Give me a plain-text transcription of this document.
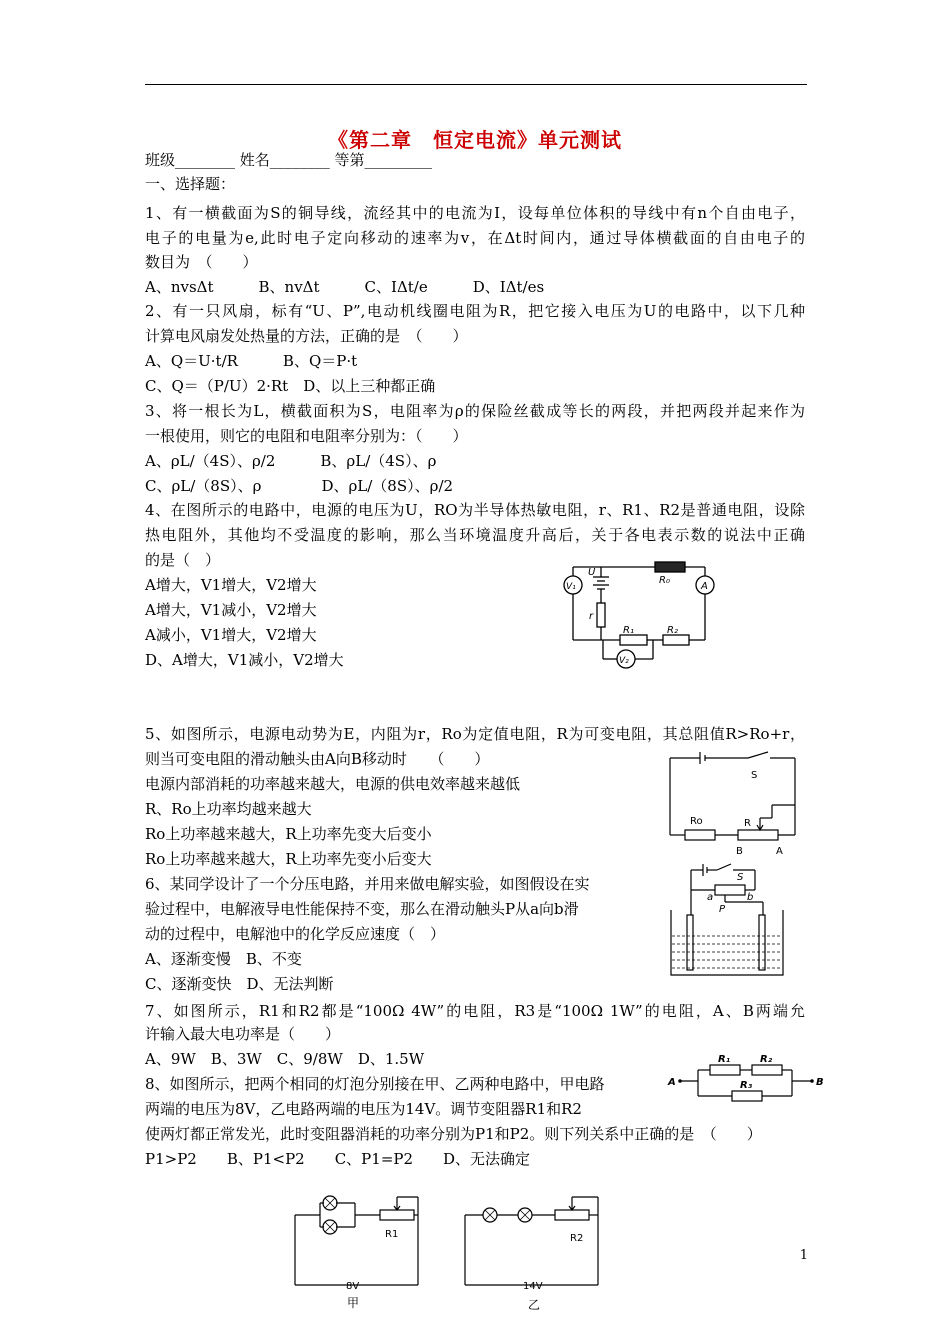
《第二章　恒定电流》单元测试
班级________ 姓名________ 等第_________
一、选择题：
1、有一横截面为S的铜导线，流经其中的电流为I，设每单位体积的导线中有n个自由电子，
电子的电量为e,此时电子定向移动的速率为v，在Δt时间内，通过导体横截面的自由电子的
数目为　（　　）
A、nvsΔt　　　B、nvΔt　　　C、IΔt/e　　　D、IΔt/es
2、有一只风扇，标有“U、P”,电动机线圈电阻为R，把它接入电压为U的电路中，以下几种
计算电风扇发处热量的方法，正确的是　（　　）
A、Q＝U·t/R　　　B、Q＝P·t
C、Q＝（P/U）2·Rt　D、以上三种都正确
3、将一根长为L，横截面积为S，电阻率为ρ的保险丝截成等长的两段，并把两段并起来作为
一根使用，则它的电阻和电阻率分别为：（　　）
A、ρL/（4S）、ρ/2　　　B、ρL/（4S）、ρ
C、ρL/（8S）、ρ　　　　D、ρL/（8S）、ρ/2
4、在图所示的电路中，电源的电压为U，RO为半导体热敏电阻，r、R1、R2是普通电阻，设除
热电阻外，其他均不受温度的影响，那么当环境温度升高后，关于各电表示数的说法中正确
的是（　）
A增大，V1增大，V2增大
A增大，V1减小，V2增大
A减小，V1增大，V2增大
D、A增大，V1减小，V2增大
U
R₀
A
V₁
r
R₁	R₂
V₂
5、如图所示，电源电动势为E，内阻为r，Ro为定值电阻，R为可变电阻，其总阻值R>Ro+r，
则当可变电阻的滑动触头由A向B移动时　　（　　）
电源内部消耗的功率越来越大，电源的供电效率越来越低
R、Ro上功率均越来越大
Ro上功率越来越大，R上功率先变大后变小
Ro上功率越来越大，R上功率先变小后变大
S
Ro	R
B	A
6、某同学设计了一个分压电路，并用来做电解实验，如图假设在实
验过程中，电解液导电性能保持不变，那么在滑动触头P从a向b滑
动的过程中，电解池中的化学反应速度（　）
A、逐渐变慢　B、不变
C、逐渐变快　D、无法判断
S
a
P
b
7、如图所示，R1和R2都是“100Ω 4W”的电阻，R3是“100Ω 1W”的电阻，A、B两端允
许输入最大电功率是（　　）
A、9W　B、3W　C、9/8W　D、1.5W
A	B
R₁	R₂
R₃
8、如图所示，把两个相同的灯泡分别接在甲、乙两种电路中，甲电路
两端的电压为8V，乙电路两端的电压为14V。调节变阻器R1和R2
使两灯都正常发光，此时变阻器消耗的功率分别为P1和P2。则下列关系中正确的是　（　　）
P1>P2　　B、P1<P2　　C、P1=P2　　D、无法确定
R1	R2
8V	14V
甲	乙
1
